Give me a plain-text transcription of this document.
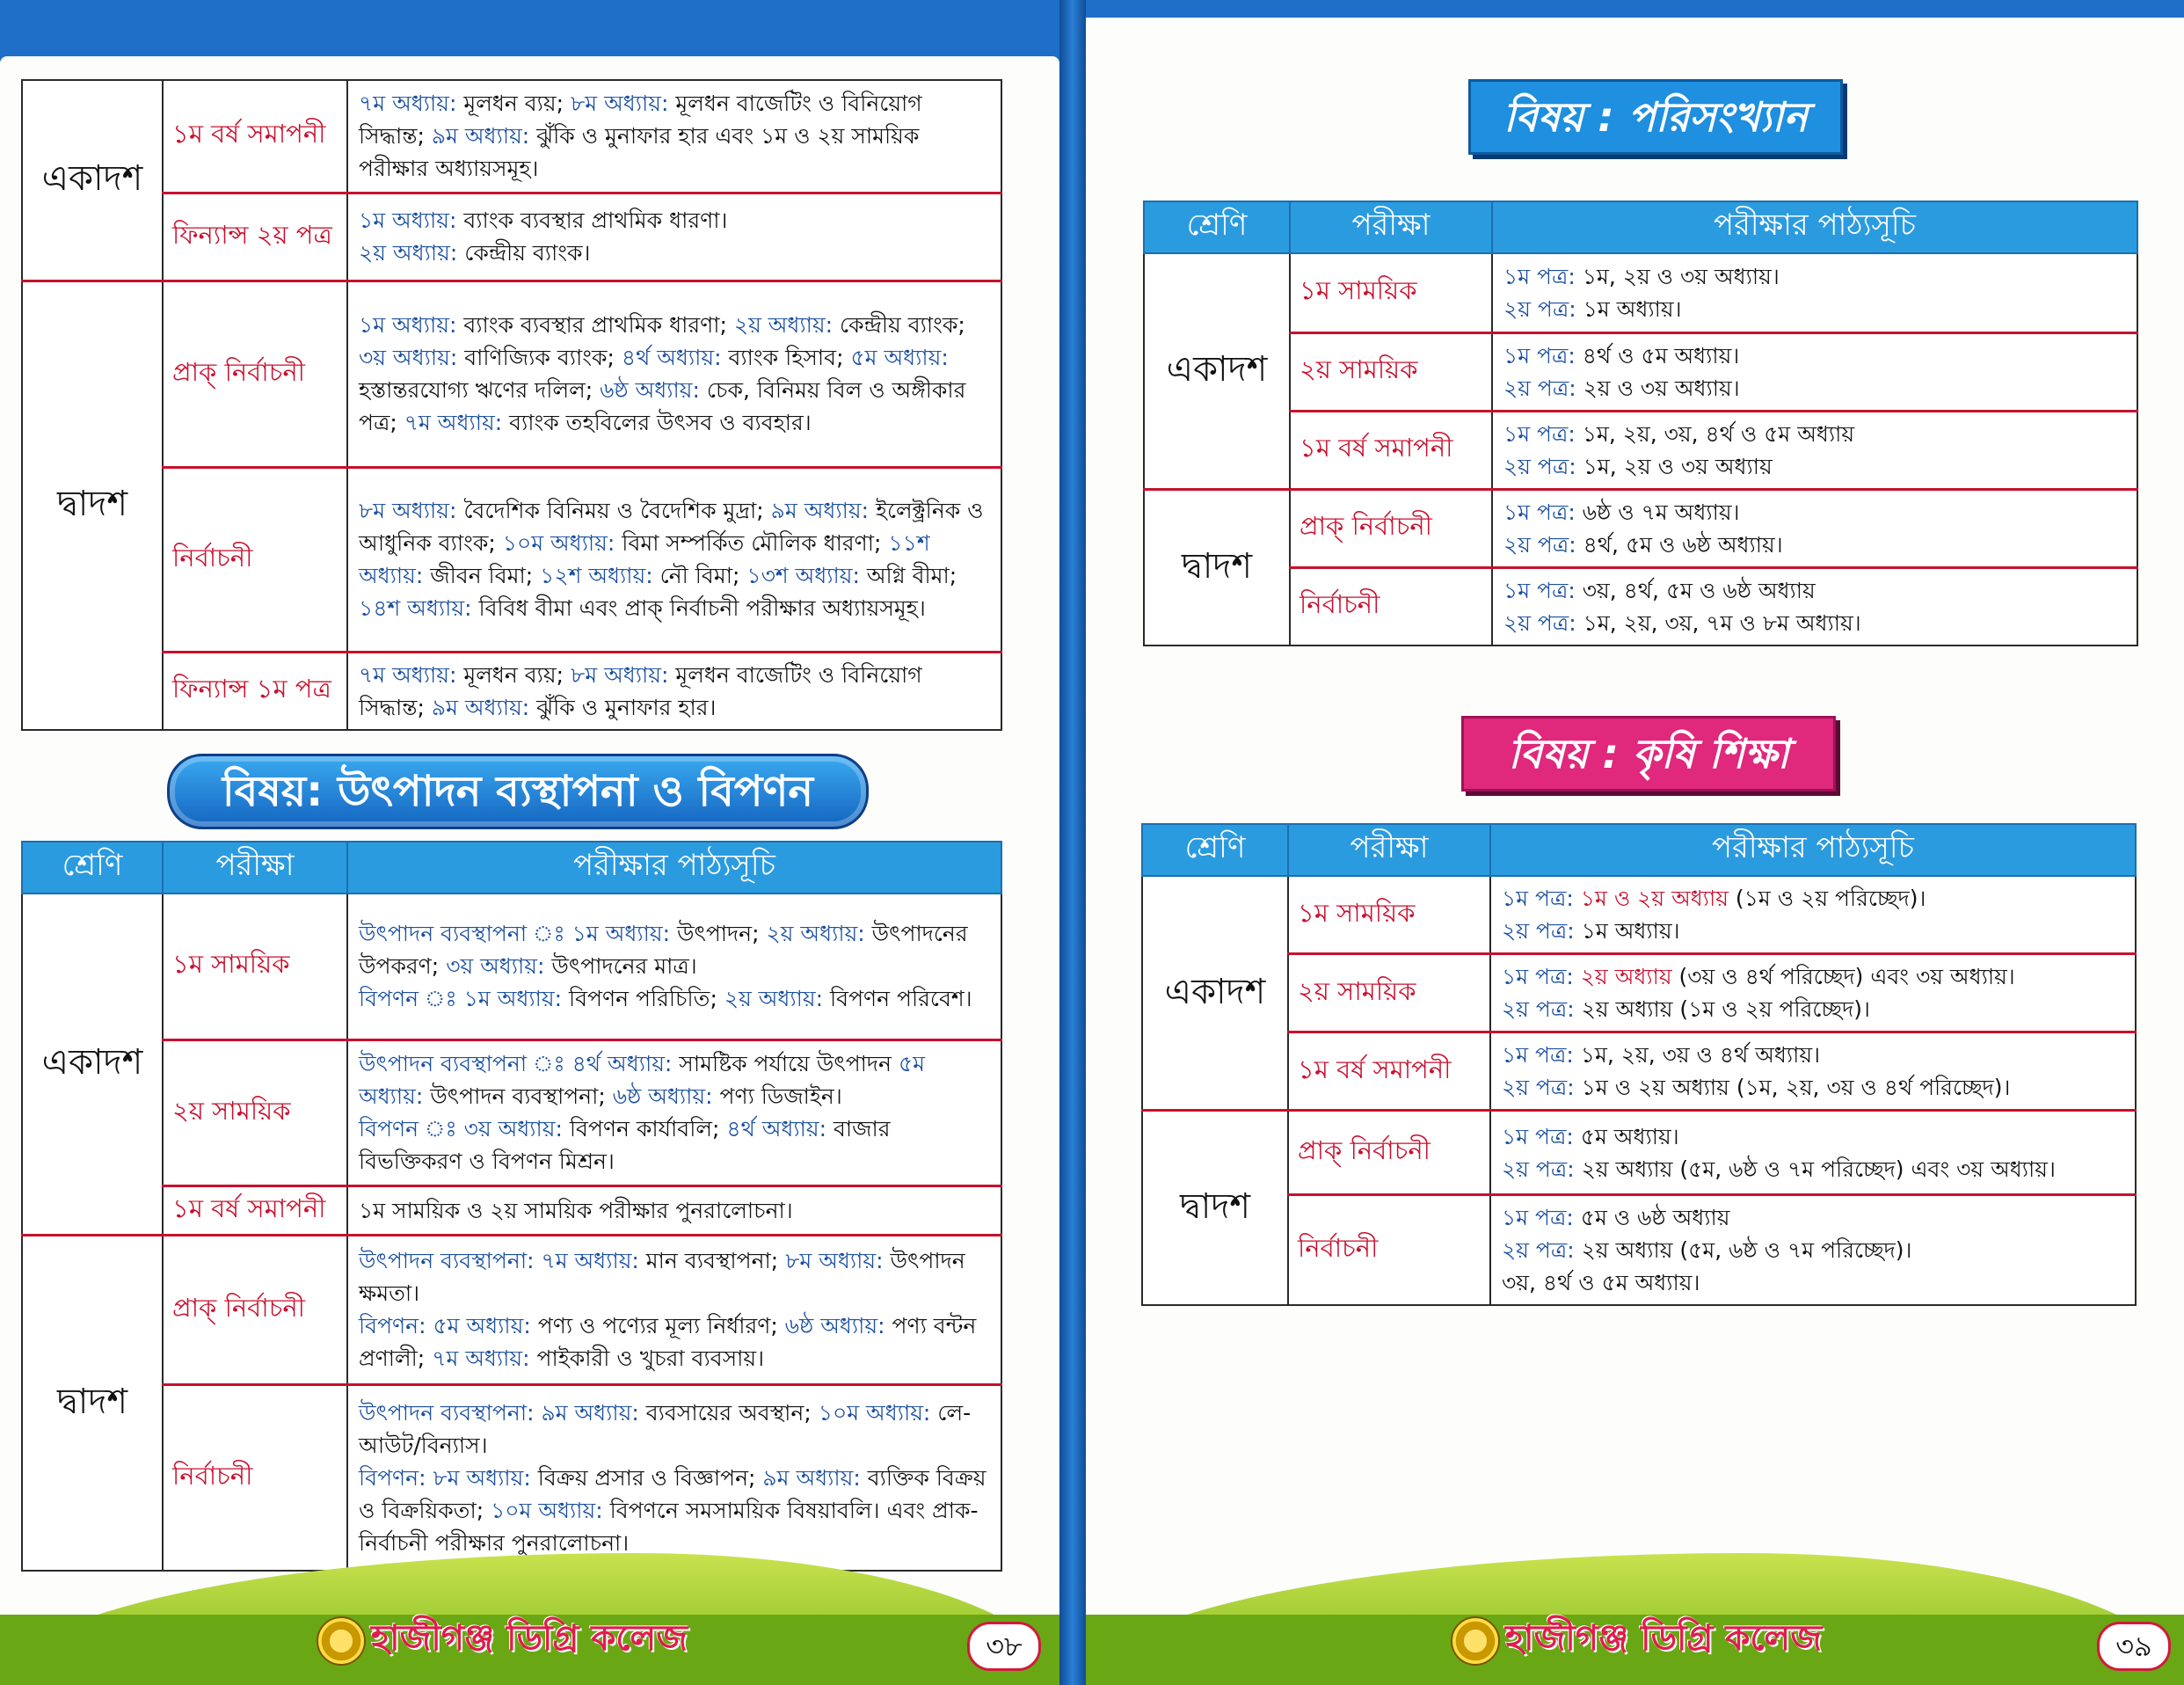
একাদশ	১ম বর্ষ সমাপনী	৭ম অধ্যায়: মূলধন ব্যয়; ৮ম অধ্যায়: মূলধন বাজেটিং ও বিনিয়োগ সিদ্ধান্ত; ৯ম অধ্যায়: ঝুঁকি ও মুনাফার হার এবং ১ম ও ২য় সাময়িক পরীক্ষার অধ্যায়সমূহ।
	ফিন্যান্স ২য় পত্র	১ম অধ্যায়: ব্যাংক ব্যবস্থার প্রাথমিক ধারণা।
২য় অধ্যায়: কেন্দ্রীয় ব্যাংক।
দ্বাদশ	প্রাক্ নির্বাচনী	১ম অধ্যায়: ব্যাংক ব্যবস্থার প্রাথমিক ধারণা; ২য় অধ্যায়: কেন্দ্রীয় ব্যাংক; ৩য় অধ্যায়: বাণিজ্যিক ব্যাংক; ৪র্থ অধ্যায়: ব্যাংক হিসাব; ৫ম অধ্যায়: হস্তান্তরযোগ্য ঋণের দলিল; ৬ষ্ঠ অধ্যায়: চেক, বিনিময় বিল ও অঙ্গীকার পত্র; ৭ম অধ্যায়: ব্যাংক তহবিলের উৎসব ও ব্যবহার।
	নির্বাচনী	৮ম অধ্যায়: বৈদেশিক বিনিময় ও বৈদেশিক মুদ্রা; ৯ম অধ্যায়: ইলেক্ট্রনিক ও আধুনিক ব্যাংক; ১০ম অধ্যায়: বিমা সম্পর্কিত মৌলিক ধারণা; ১১শ অধ্যায়: জীবন বিমা; ১২শ অধ্যায়: নৌ বিমা; ১৩শ অধ্যায়: অগ্নি বীমা; ১৪শ অধ্যায়: বিবিধ বীমা এবং প্রাক্ নির্বাচনী পরীক্ষার অধ্যায়সমূহ।
	ফিন্যান্স ১ম পত্র	৭ম অধ্যায়: মূলধন ব্যয়; ৮ম অধ্যায়: মূলধন বাজেটিং ও বিনিয়োগ সিদ্ধান্ত; ৯ম অধ্যায়: ঝুঁকি ও মুনাফার হার।
বিষয়: উৎপাদন ব্যস্থাপনা ও বিপণন
শ্রেণি	পরীক্ষা	পরীক্ষার পাঠ্যসূচি
একাদশ	১ম সাময়িক	উৎপাদন ব্যবস্থাপনা ঃ ১ম অধ্যায়: উৎপাদন; ২য় অধ্যায়: উৎপাদনের উপকরণ; ৩য় অধ্যায়: উৎপাদনের মাত্র।
বিপণন ঃ ১ম অধ্যায়: বিপণন পরিচিতি; ২য় অধ্যায়: বিপণন পরিবেশ।
	২য় সাময়িক	উৎপাদন ব্যবস্থাপনা ঃ ৪র্থ অধ্যায়: সামষ্টিক পর্যায়ে উৎপাদন ৫ম অধ্যায়: উৎপাদন ব্যবস্থাপনা; ৬ষ্ঠ অধ্যায়: পণ্য ডিজাইন।
বিপণন ঃ ৩য় অধ্যায়: বিপণন কার্যাবলি; ৪র্থ অধ্যায়: বাজার বিভক্তিকরণ ও বিপণন মিশ্রন।
	১ম বর্ষ সমাপনী	১ম সাময়িক ও ২য় সাময়িক পরীক্ষার পুনরালোচনা।
দ্বাদশ	প্রাক্ নির্বাচনী	উৎপাদন ব্যবস্থাপনা: ৭ম অধ্যায়: মান ব্যবস্থাপনা; ৮ম অধ্যায়: উৎপাদন ক্ষমতা।
বিপণন: ৫ম অধ্যায়: পণ্য ও পণ্যের মূল্য নির্ধারণ; ৬ষ্ঠ অধ্যায়: পণ্য বন্টন প্রণালী; ৭ম অধ্যায়: পাইকারী ও খুচরা ব্যবসায়।
	নির্বাচনী	উৎপাদন ব্যবস্থাপনা: ৯ম অধ্যায়: ব্যবসায়ের অবস্থান; ১০ম অধ্যায়: লে-আউট/বিন্যাস।
বিপণন: ৮ম অধ্যায়: বিক্রয় প্রসার ও বিজ্ঞাপন; ৯ম অধ্যায়: ব্যক্তিক বিক্রয় ও বিক্রয়িকতা; ১০ম অধ্যায়: বিপণনে সমসাময়িক বিষয়াবলি। এবং প্রাক-নির্বাচনী পরীক্ষার পুনরালোচনা।
হাজীগঞ্জ ডিগ্রি কলেজ	৩৮
বিষয় : পরিসংখ্যান
শ্রেণি	পরীক্ষা	পরীক্ষার পাঠ্যসূচি
একাদশ	১ম সাময়িক	১ম পত্র: ১ম, ২য় ও ৩য় অধ্যায়।
২য় পত্র: ১ম অধ্যায়।
	২য় সাময়িক	১ম পত্র: ৪র্থ ও ৫ম অধ্যায়।
২য় পত্র: ২য় ও ৩য় অধ্যায়।
	১ম বর্ষ সমাপনী	১ম পত্র: ১ম, ২য়, ৩য়, ৪র্থ ও ৫ম অধ্যায়
২য় পত্র: ১ম, ২য় ও ৩য় অধ্যায়
দ্বাদশ	প্রাক্ নির্বাচনী	১ম পত্র: ৬ষ্ঠ ও ৭ম অধ্যায়।
২য় পত্র: ৪র্থ, ৫ম ও ৬ষ্ঠ অধ্যায়।
	নির্বাচনী	১ম পত্র: ৩য়, ৪র্থ, ৫ম ও ৬ষ্ঠ অধ্যায়
২য় পত্র: ১ম, ২য়, ৩য়, ৭ম ও ৮ম অধ্যায়।
বিষয় : কৃষি শিক্ষা
শ্রেণি	পরীক্ষা	পরীক্ষার পাঠ্যসূচি
একাদশ	১ম সাময়িক	১ম পত্র: ১ম ও ২য় অধ্যায় (১ম ও ২য় পরিচ্ছেদ)।
২য় পত্র: ১ম অধ্যায়।
	২য় সাময়িক	১ম পত্র: ২য় অধ্যায় (৩য় ও ৪র্থ পরিচ্ছেদ) এবং ৩য় অধ্যায়।
২য় পত্র: ২য় অধ্যায় (১ম ও ২য় পরিচ্ছেদ)।
	১ম বর্ষ সমাপনী	১ম পত্র: ১ম, ২য়, ৩য় ও ৪র্থ অধ্যায়।
২য় পত্র: ১ম ও ২য় অধ্যায় (১ম, ২য়, ৩য় ও ৪র্থ পরিচ্ছেদ)।
দ্বাদশ	প্রাক্ নির্বাচনী	১ম পত্র: ৫ম অধ্যায়।
২য় পত্র: ২য় অধ্যায় (৫ম, ৬ষ্ঠ ও ৭ম পরিচ্ছেদ) এবং ৩য় অধ্যায়।
	নির্বাচনী	১ম পত্র: ৫ম ও ৬ষ্ঠ অধ্যায়
২য় পত্র: ২য় অধ্যায় (৫ম, ৬ষ্ঠ ও ৭ম পরিচ্ছেদ)।
৩য়, ৪র্থ ও ৫ম অধ্যায়।
হাজীগঞ্জ ডিগ্রি কলেজ	৩৯
